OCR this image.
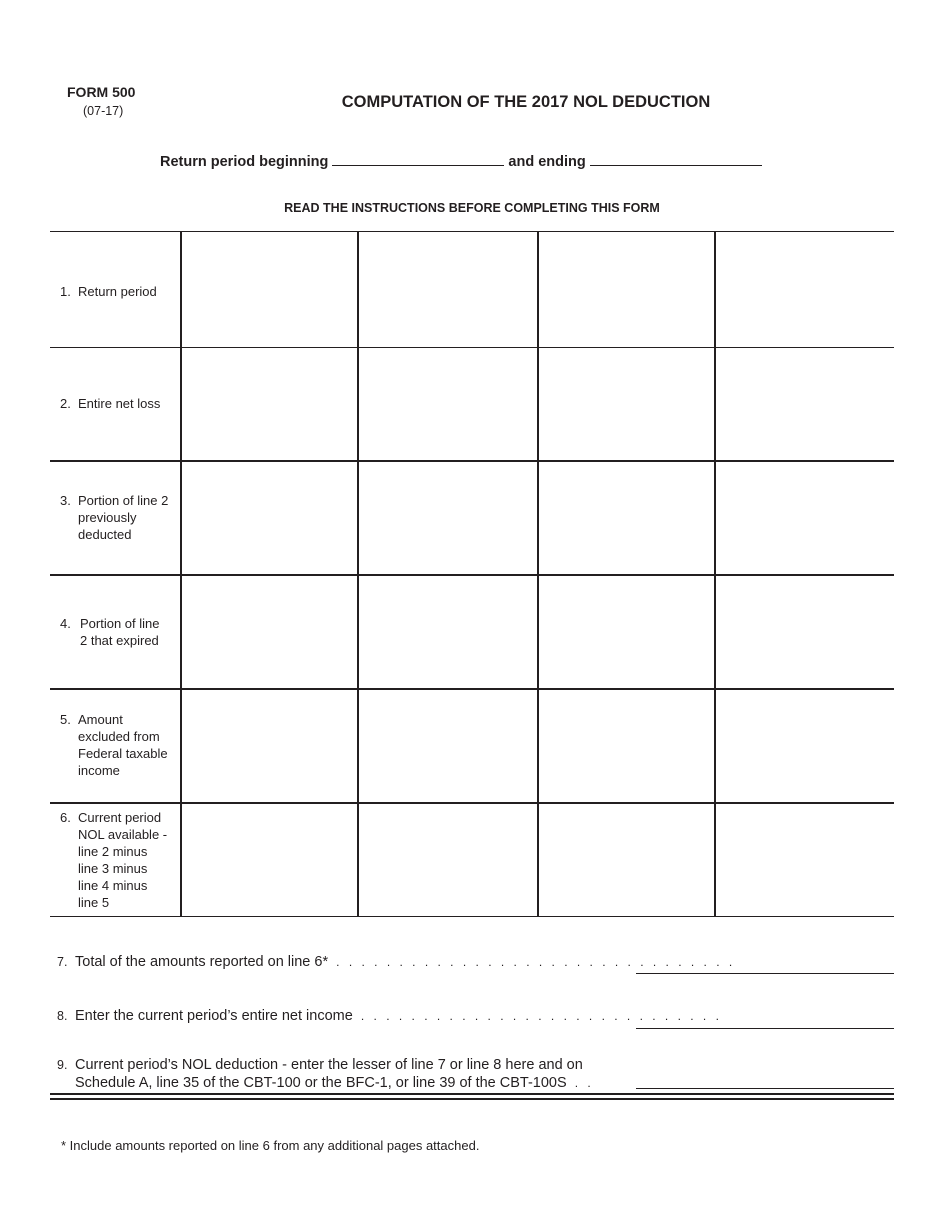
FORM 500
(07-17)	COMPUTATION OF THE 2017 NOL DEDUCTION
Return period beginning	and ending
READ THE INSTRUCTIONS BEFORE COMPLETING THIS FORM
1. Return period
2. Entire net loss
3. Portion of line 2
previously
deducted
4. Portion of line
2 that expired
5. Amount
excluded from
Federal taxable
income
6. Current period
NOL available -
line 2 minus
line 3 minus
line 4 minus
line 5
7. Total of the amounts reported on line 6* . . . . . . . . . . . . . . . . . . . . . . . . . . . . . . . .
8. Enter the current period’s entire net income . . . . . . . . . . . . . . . . . . . . . . . . . . . . .
9. Current period’s NOL deduction - enter the lesser of line 7 or line 8 here and on
Schedule A, line 35 of the CBT-100 or the BFC-1, or line 39 of the CBT-100S . .
* Include amounts reported on line 6 from any additional pages attached.
